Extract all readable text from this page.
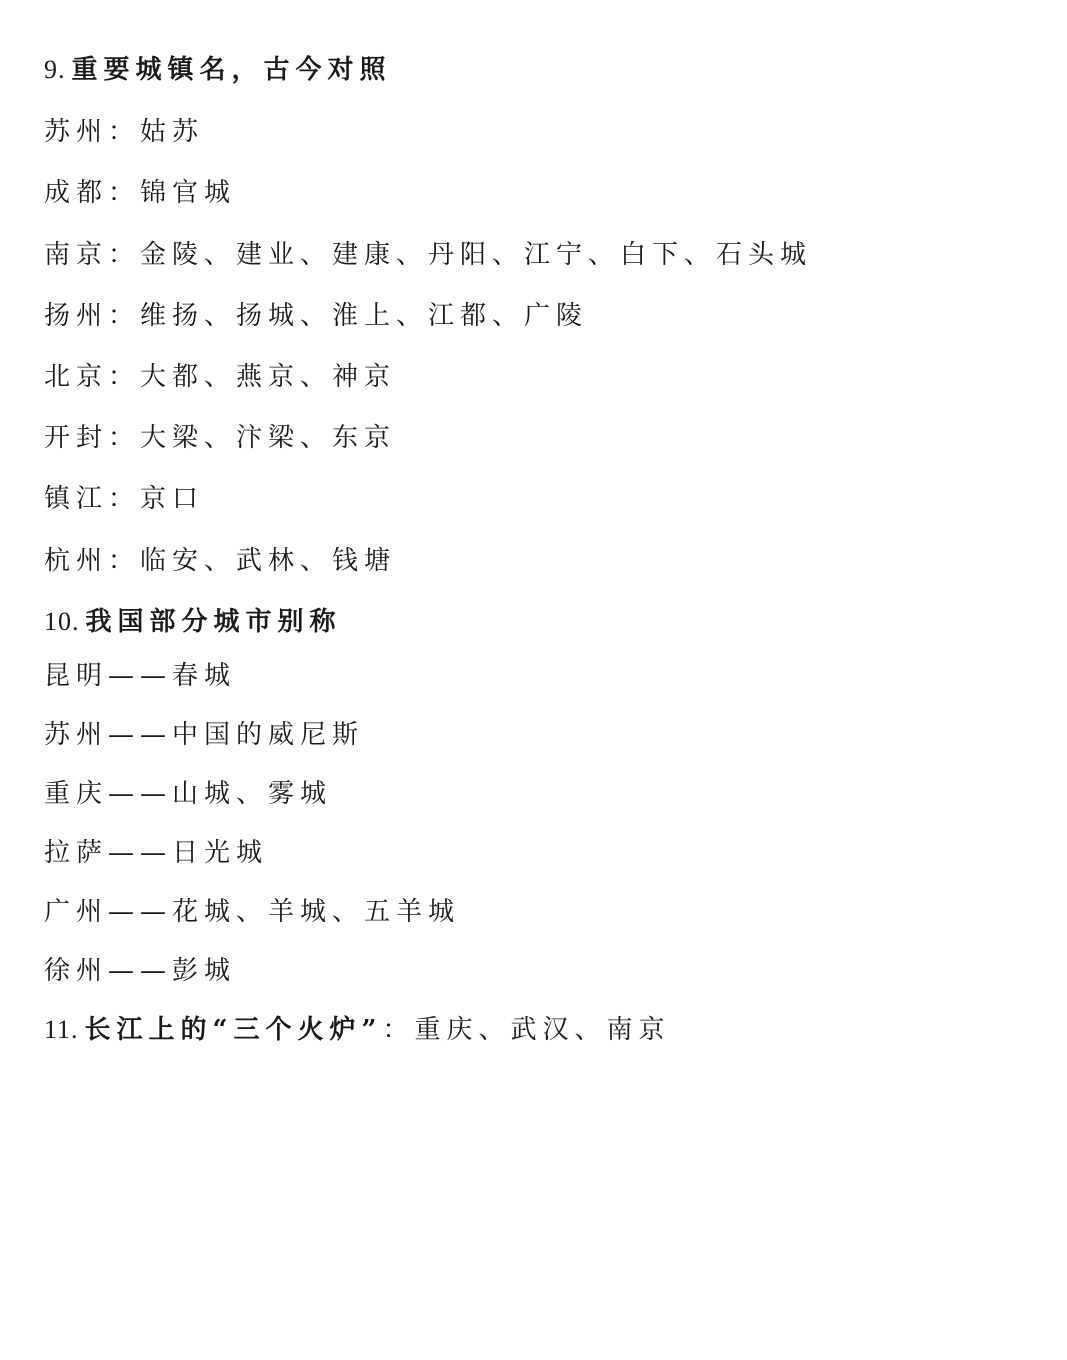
9. 重要城镇名，古今对照
苏州：姑苏
成都：锦官城
南京：金陵、建业、建康、丹阳、江宁、白下、石头城
扬州：维扬、扬城、淮上、江都、广陵
北京：大都、燕京、神京
开封：大梁、汴梁、东京
镇江：京口
杭州：临安、武林、钱塘
10. 我国部分城市别称
昆明——春城
苏州——中国的威尼斯
重庆——山城、雾城
拉萨——日光城
广州——花城、羊城、五羊城
徐州——彭城
11. 长江上的“三个火炉”：重庆、武汉、南京
